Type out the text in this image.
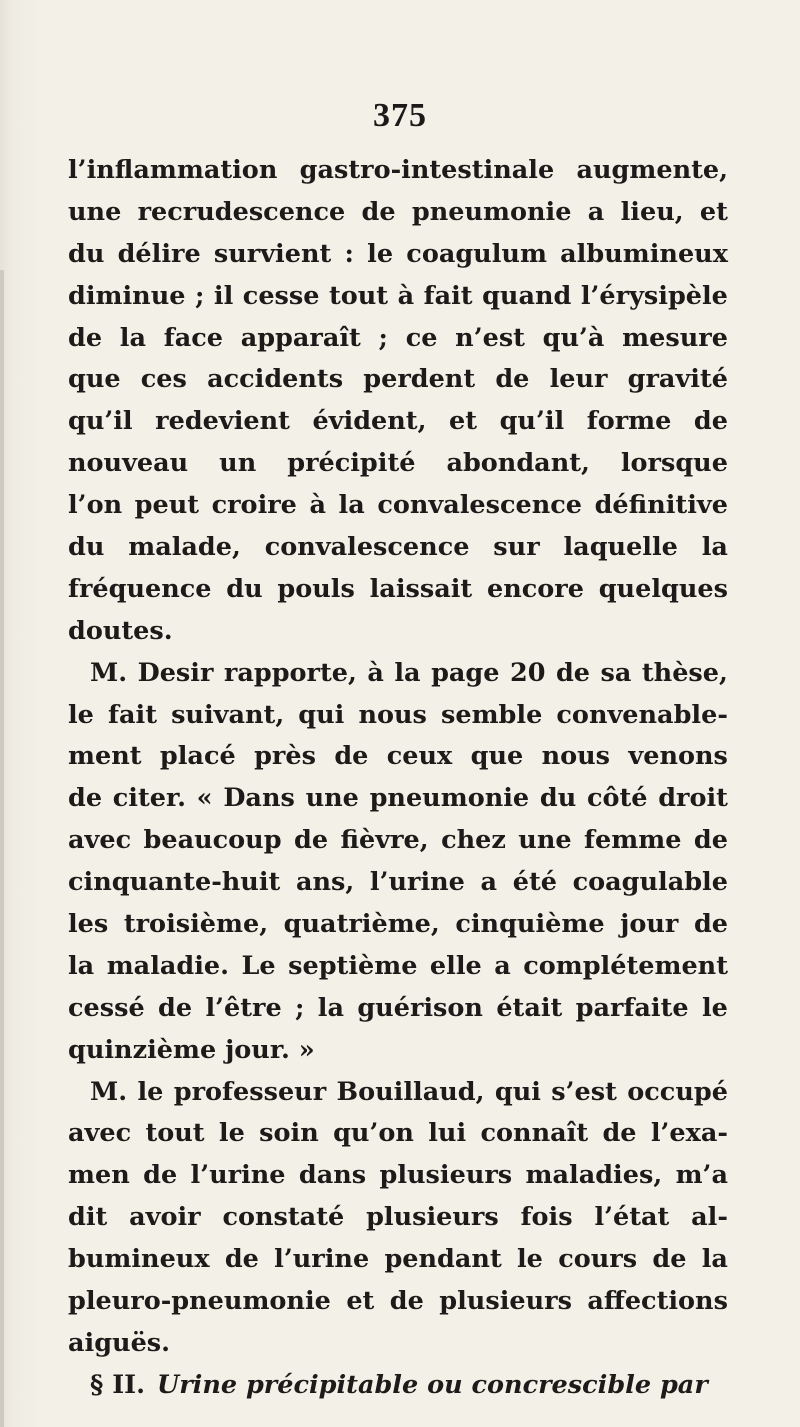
375
l’inflammation gastro-intestinale augmente,
une recrudescence de pneumonie a lieu, et
du délire survient : le coagulum albumineux
diminue ; il cesse tout à fait quand l’érysipèle
de la face apparaît ; ce n’est qu’à mesure
que ces accidents perdent de leur gravité
qu’il redevient évident, et qu’il forme de
nouveau un précipité abondant, lorsque
l’on peut croire à la convalescence définitive
du malade, convalescence sur laquelle la
fréquence du pouls laissait encore quelques
doutes.
M. Desir rapporte, à la page 20 de sa thèse,
le fait suivant, qui nous semble convenable-
ment placé près de ceux que nous venons
de citer. « Dans une pneumonie du côté droit
avec beaucoup de fièvre, chez une femme de
cinquante-huit ans, l’urine a été coagulable
les troisième, quatrième, cinquième jour de
la maladie. Le septième elle a complétement
cessé de l’être ; la guérison était parfaite le
quinzième jour. »
M. le professeur Bouillaud, qui s’est occupé
avec tout le soin qu’on lui connaît de l’exa-
men de l’urine dans plusieurs maladies, m’a
dit avoir constaté plusieurs fois l’état al-
bumineux de l’urine pendant le cours de la
pleuro-pneumonie et de plusieurs affections
aiguës.
§ II. Urine précipitable ou concrescible par
